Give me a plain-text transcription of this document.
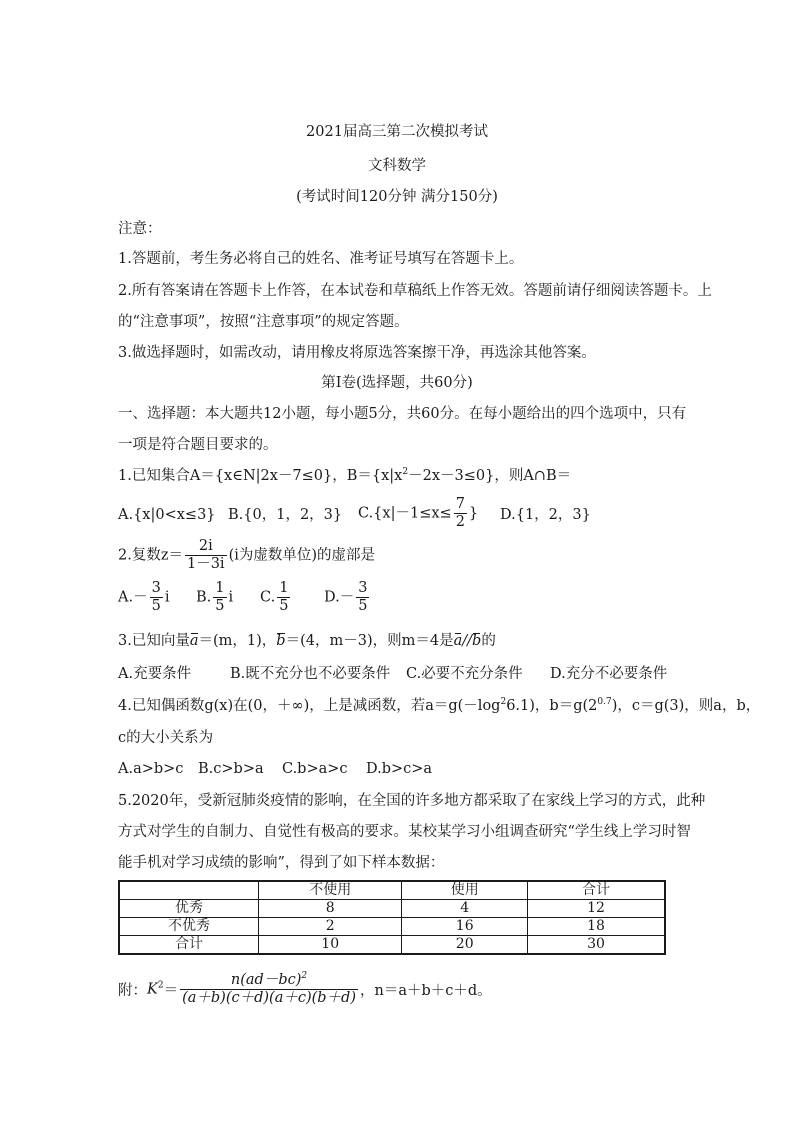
2021届高三第二次模拟考试
文科数学
(考试时间120分钟 满分150分)
注意：
1.答题前，考生务必将自己的姓名、准考证号填写在答题卡上。
2.所有答案请在答题卡上作答，在本试卷和草稿纸上作答无效。答题前请仔细阅读答题卡。上
的“注意事项”，按照“注意事项”的规定答题。
3.做选择题时，如需改动，请用橡皮将原选答案擦干净，再选涂其他答案。
第Ⅰ卷(选择题，共60分)
一、选择题：本大题共12小题，每小题5分，共60分。在每小题给出的四个选项中，只有
一项是符合题目要求的。
1.已知集合A＝{x∈N|2x－7≤0}，$B=\{x|x^2-2x-3\le 0\}$，则A∩B＝
A.{x|0<x≤3} B.{0，1，2，3} $C.\{x|-1\le x\le \frac{7}{2}$ } D.{1，2，3}
2.复数$z= \frac{2i}{1-3i} (i$为虚数单位)的虚部是
$A.- \frac{3}{5}$ i B. $\frac{1}{5}$ i C. $\frac{1}{5} D.- \frac{3}{5}$
3.已知向量a＝(m，1)，b＝(4，m－3)，则m＝4是a//b的
A.充要条件	B.既不充分也不必要条件 C.必要不充分条件 D.充分不必要条件
4.已知偶函数g(x)在(0，＋∞)，上是减函数，若$a=g(-\log^26.1)$，$b=g(2^{0.7})$，c＝g(3)，则a，b，
c的大小关系为
A.a>b>c B.c>b>a C.b>a>c D.b>c>a
5.2020年，受新冠肺炎疫情的影响，在全国的许多地方都采取了在家线上学习的方式，此种
方式对学生的自制力、自觉性有极高的要求。某校某学习小组调查研究“学生线上学习时智
能手机对学习成绩的影响”，得到了如下样本数据：
	不使用	使用	合计
优秀	8	4	12
不优秀	2	16	18
合计	10	20	30
附：$K^2= \frac{n(ad-bc)^2}{(a+b)(c+d)(a+c)(b+d)}$ ，n＝a＋b＋c＋d。
